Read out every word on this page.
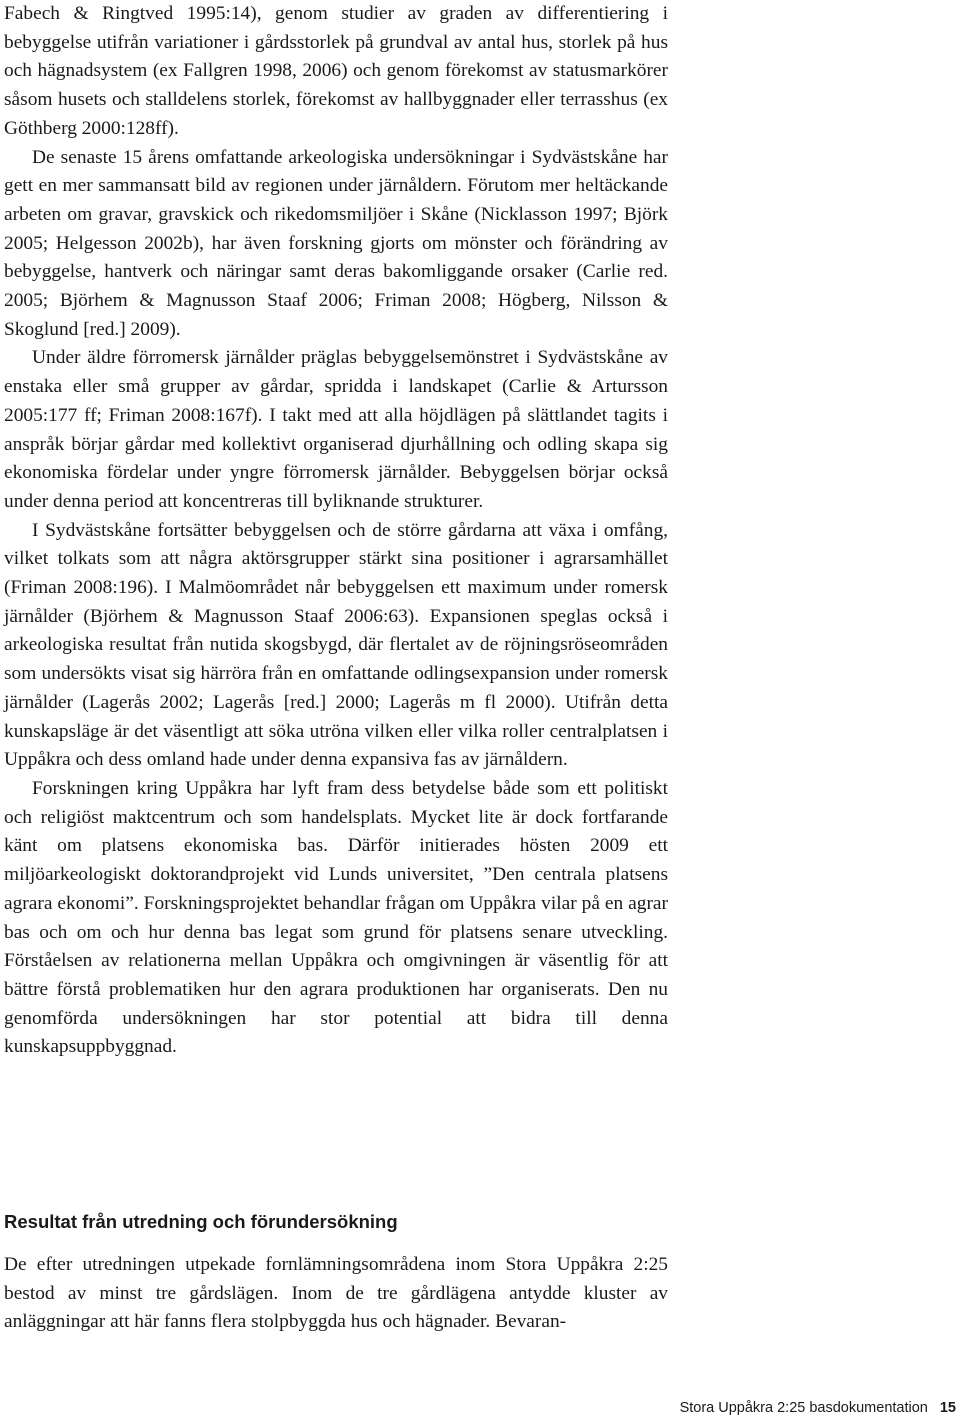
Fabech & Ringtved 1995:14), genom studier av graden av differentiering i bebyggelse utifrån variationer i gårdsstorlek på grundval av antal hus, storlek på hus och hägnadsystem (ex Fallgren 1998, 2006) och genom förekomst av statusmarkörer såsom husets och stalldelens storlek, förekomst av hallbyggnader eller terrasshus (ex Göthberg 2000:128ff).

De senaste 15 årens omfattande arkeologiska undersökningar i Sydvästskåne har gett en mer sammansatt bild av regionen under järnåldern. Förutom mer heltäckande arbeten om gravar, gravskick och rikedomsmiljöer i Skåne (Nicklasson 1997; Björk 2005; Helgesson 2002b), har även forskning gjorts om mönster och förändring av bebyggelse, hantverk och näringar samt deras bakomliggande orsaker (Carlie red. 2005; Björhem & Magnusson Staaf 2006; Friman 2008; Högberg, Nilsson & Skoglund [red.] 2009).

Under äldre förromersk järnålder präglas bebyggelsemönstret i Sydvästskåne av enstaka eller små grupper av gårdar, spridda i landskapet (Carlie & Artursson 2005:177 ff; Friman 2008:167f). I takt med att alla höjdlägen på slättlandet tagits i anspråk börjar gårdar med kollektivt organiserad djurhållning och odling skapa sig ekonomiska fördelar under yngre förromersk järnålder. Bebyggelsen börjar också under denna period att koncentreras till byliknande strukturer.

I Sydvästskåne fortsätter bebyggelsen och de större gårdarna att växa i omfång, vilket tolkats som att några aktörsgrupper stärkt sina positioner i agrarsamhället (Friman 2008:196). I Malmöområdet når bebyggelsen ett maximum under romersk järnålder (Björhem & Magnusson Staaf 2006:63). Expansionen speglas också i arkeologiska resultat från nutida skogsbygd, där flertalet av de röjningsröseområden som undersökts visat sig härröra från en omfattande odlingsexpansion under romersk järnålder (Lagerås 2002; Lagerås [red.] 2000; Lagerås m fl 2000). Utifrån detta kunskapsläge är det väsentligt att söka utröna vilken eller vilka roller centralplatsen i Uppåkra och dess omland hade under denna expansiva fas av järnåldern.

Forskningen kring Uppåkra har lyft fram dess betydelse både som ett politiskt och religiöst maktcentrum och som handelsplats. Mycket lite är dock fortfarande känt om platsens ekonomiska bas. Därför initierades hösten 2009 ett miljöarkeologiskt doktorandprojekt vid Lunds universitet, ”Den centrala platsens agrara ekonomi”. Forskningsprojektet behandlar frågan om Uppåkra vilar på en agrar bas och om och hur denna bas legat som grund för platsens senare utveckling. Förståelsen av relationerna mellan Uppåkra och omgivningen är väsentlig för att bättre förstå problematiken hur den agrara produktionen har organiserats. Den nu genomförda undersökningen har stor potential att bidra till denna kunskapsuppbyggnad.

Resultat från utredning och förundersökning

De efter utredningen utpekade fornlämningsområdena inom Stora Uppåkra 2:25 bestod av minst tre gårdslägen. Inom de tre gårdlägena antydde kluster av anläggningar att här fanns flera stolpbyggda hus och hägnader. Bevaran-

Stora Uppåkra 2:25 basdokumentation 15
